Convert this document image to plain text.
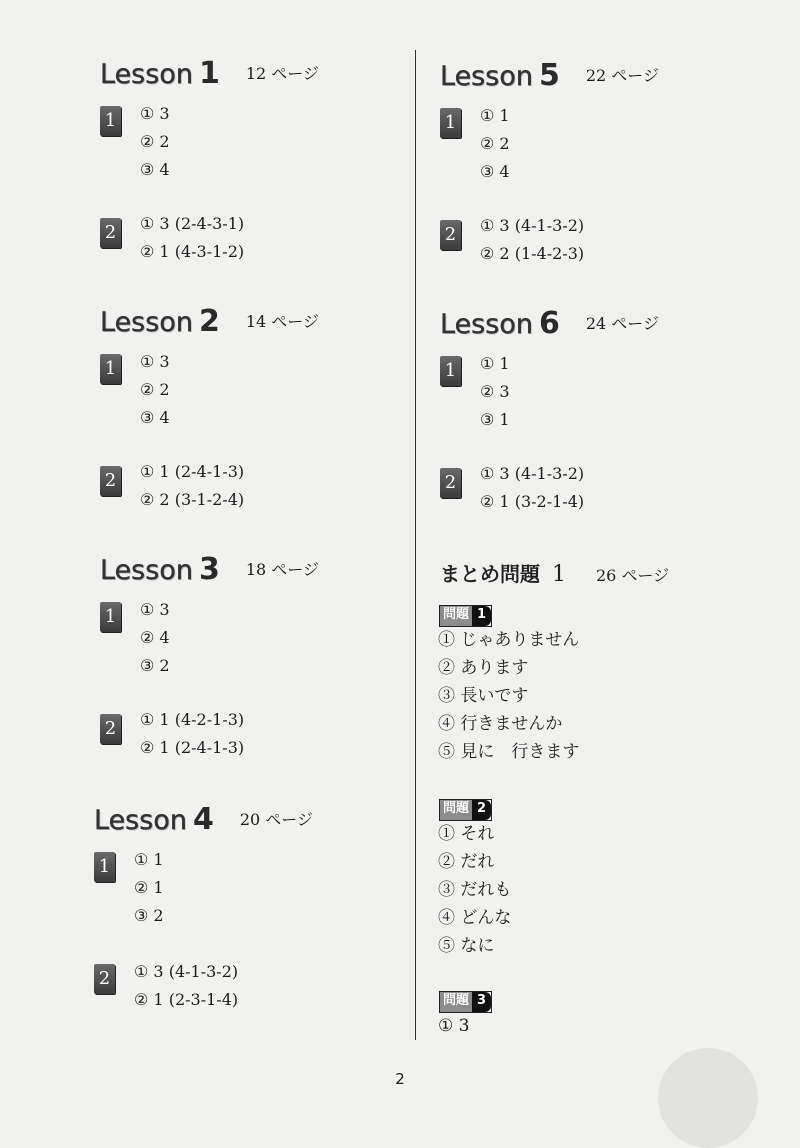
Lesson 1 12 ページ
1 ① 3
② 2
③ 4
2 ① 3 (2-4-3-1)
② 1 (4-3-1-2)
Lesson 2 14 ページ
1 ① 3
② 2
③ 4
2 ① 1 (2-4-1-3)
② 2 (3-1-2-4)
Lesson 3 18 ページ
1 ① 3
② 4
③ 2
2 ① 1 (4-2-1-3)
② 1 (2-4-1-3)
Lesson 4 20 ページ
1 ① 1
② 1
③ 2
2 ① 3 (4-1-3-2)
② 1 (2-3-1-4)
Lesson 5 22 ページ
1 ① 1
② 2
③ 4
2 ① 3 (4-1-3-2)
② 2 (1-4-2-3)
Lesson 6 24 ページ
1 ① 1
② 3
③ 1
2 ① 3 (4-1-3-2)
② 1 (3-2-1-4)
まとめ問題 1 26 ページ
問題 1
① じゃありません
② あります
③ 長いです
④ 行きませんか
⑤ 見に　行きます
問題 2
① それ
② だれ
③ だれも
④ どんな
⑤ なに
問題 3
① 3
2
